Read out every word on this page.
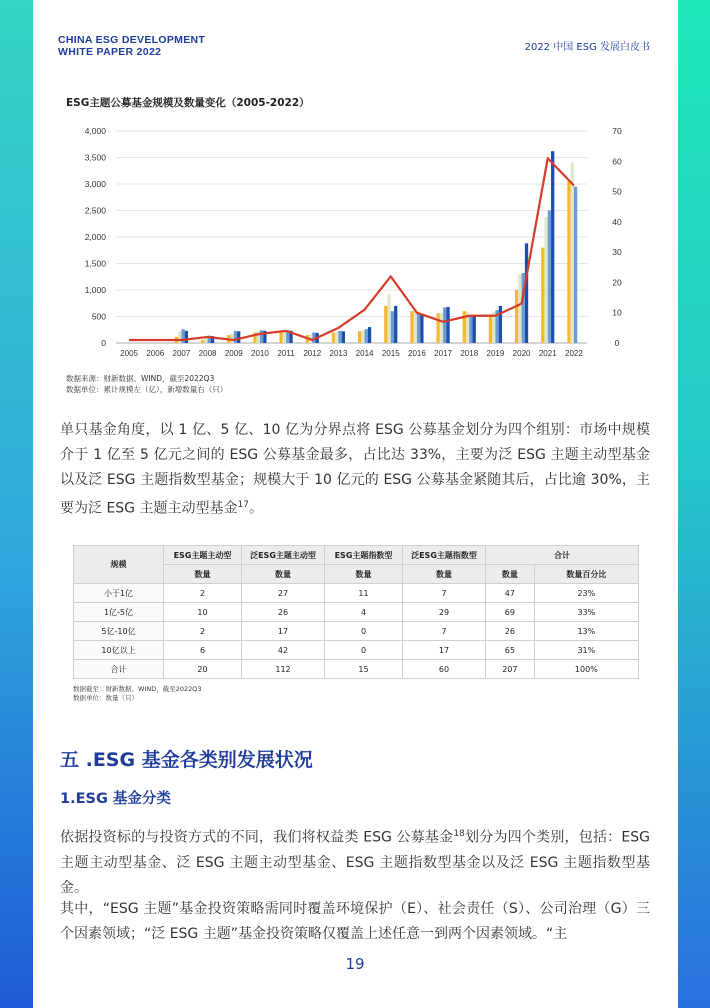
CHINA ESG DEVELOPMENT
WHITE PAPER 2022	2022 中国 ESG 发展白皮书
ESG主题公募基金规模及数量变化（2005-2022）
0
500
1,000
1,500
2,000
2,500
3,000
3,500
4,000
0
10
20
30
40
50
60
70
2005 2006 2007 2008 2009 2010 2011 2012 2013 2014 2015 2016 2017 2018 2019 2020 2021 2022
数据来源：财新数据、WIND，截至2022Q3
数据单位：累计规模左（亿），新增数量右（只）
单只基金角度，以 1 亿、5 亿、10 亿为分界点将 ESG 公募基金划分为四个组别：市场中规模介于 1 亿至 5 亿元之间的 ESG 公募基金最多，占比达 33%，主要为泛 ESG 主题主动型基金以及泛 ESG 主题指数型基金；规模大于 10 亿元的 ESG 公募基金紧随其后，占比逾 30%，主要为泛 ESG 主题主动型基金$^{17}$。
规模	ESG主题主动型	泛ESG主题主动型	ESG主题指数型	泛ESG主题指数型	合计	
	数量	数量	数量	数量	数量	数量百分比
小于1亿	2	27	11	7	47	23%
1亿-5亿	10	26	4	29	69	33%
5亿-10亿	2	17	0	7	26	13%
10亿以上	6	42	0	17	65	31%
合计	20	112	15	60	207	100%
数据截至：财新数据、WIND，截至2022Q3
数据单位：数量（只）
五 .ESG 基金各类别发展状况
1.ESG 基金分类
依据投资标的与投资方式的不同，我们将权益类 ESG 公募基金$^{18}$划分为四个类别，包括：ESG 主题主动型基金、泛 ESG 主题主动型基金、ESG 主题指数型基金以及泛 ESG 主题指数型基金。
其中，“ESG 主题”基金投资策略需同时覆盖环境保护（E）、社会责任（S）、公司治理（G）三个因素领域；“泛 ESG 主题”基金投资策略仅覆盖上述任意一到两个因素领域。“主
19
